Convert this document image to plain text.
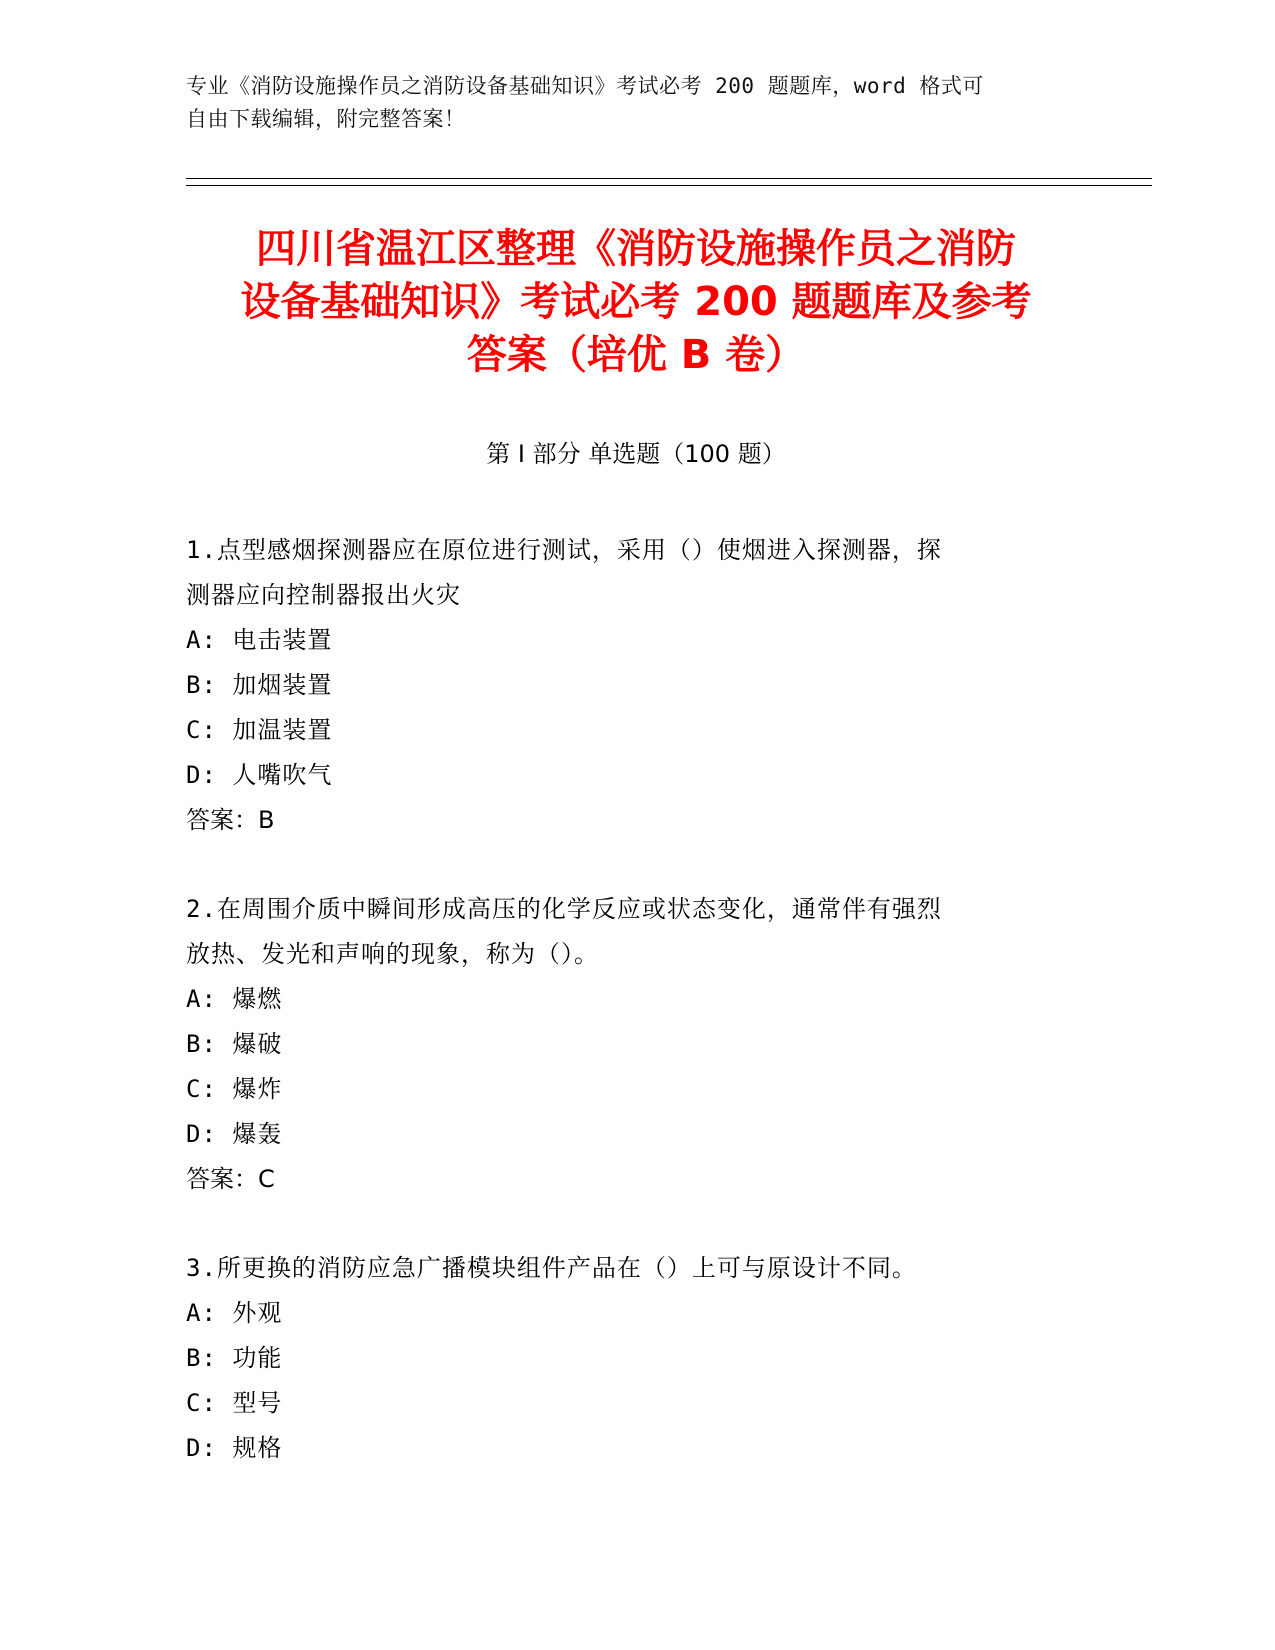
专业《消防设施操作员之消防设备基础知识》考试必考 200 题题库，word 格式可
自由下载编辑，附完整答案！
四川省温江区整理《消防设施操作员之消防
设备基础知识》考试必考 200 题题库及参考
答案（培优 B 卷）
第 I 部分 单选题（100 题）
1.点型感烟探测器应在原位进行测试，采用（）使烟进入探测器，探
测器应向控制器报出火灾
A: 电击装置
B: 加烟装置
C: 加温装置
D: 人嘴吹气
答案：B
2.在周围介质中瞬间形成高压的化学反应或状态变化，通常伴有强烈
放热、发光和声响的现象，称为（）。
A: 爆燃
B: 爆破
C: 爆炸
D: 爆轰
答案：C
3.所更换的消防应急广播模块组件产品在（）上可与原设计不同。
A: 外观
B: 功能
C: 型号
D: 规格
